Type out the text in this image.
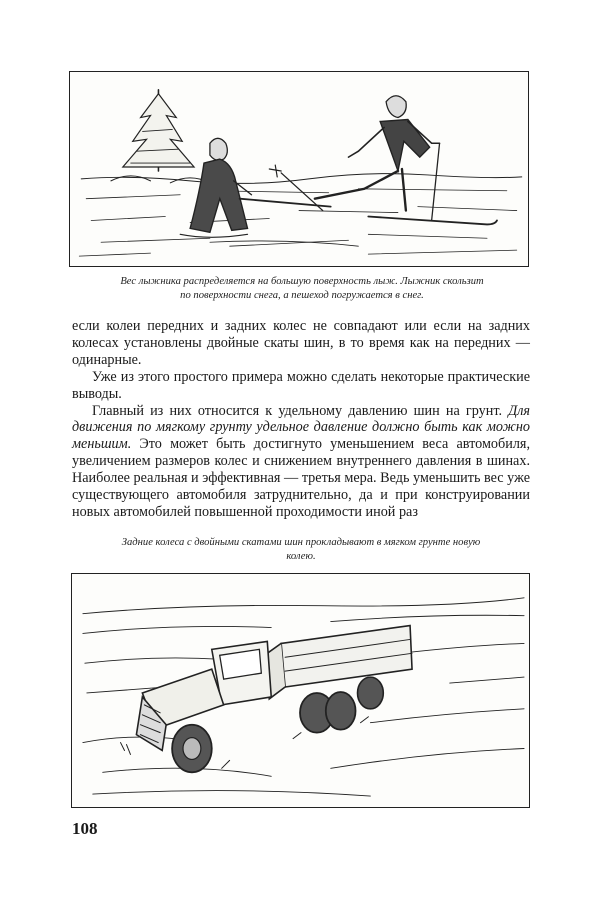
Вес лыжника распределяется на большую поверхность лыж. Лыжник скользит
по поверхности снега, а пешеход погружается в снег.

если колеи передних и задних колес не совпадают или если на задних колесах установлены двойные скаты шин, в то время как на передних — одинарные.

Уже из этого простого примера можно сделать некоторые практические выводы.

Главный из них относится к удельному давлению шин на грунт. Для движения по мягкому грунту удельное давление должно быть как можно меньшим. Это может быть достигнуто уменьшением веса автомобиля, увеличением размеров колес и снижением внутреннего давления в шинах. Наиболее реальная и эффективная — третья мера. Ведь уменьшить вес уже существующего автомобиля затруднительно, да и при конструировании новых автомобилей повышенной проходимости иной раз

Задние колеса с двойными скатами шин прокладывают в мягком грунте новую
колею.
108
